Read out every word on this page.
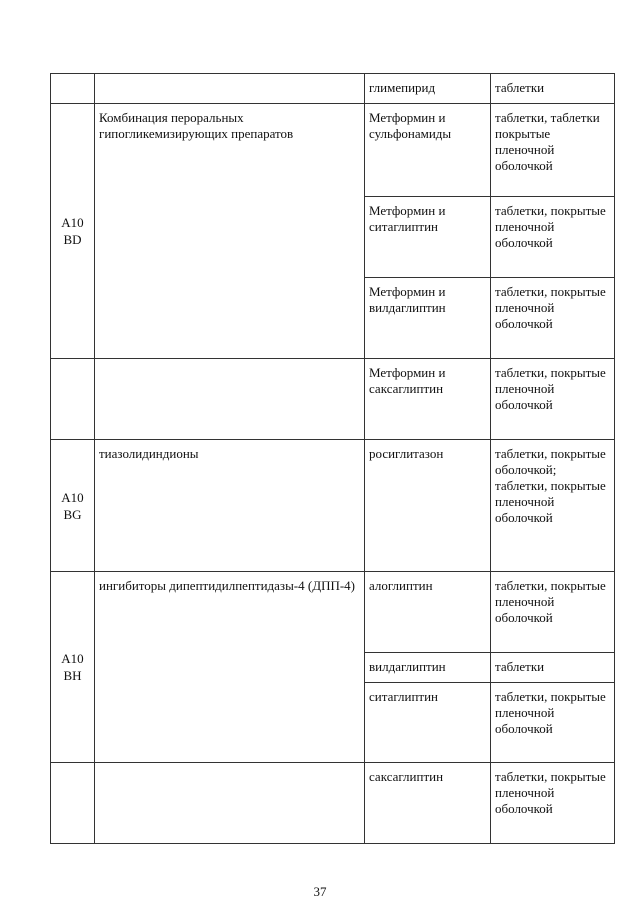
		глимепирид	таблетки

A10
BD	Комбинация пероральных гипогликемизирующих препаратов	Метформин и сульфонамиды	таблетки, таблетки покрытые пленочной оболочкой
		Метформин и ситаглиптин	таблетки, покрытые пленочной оболочкой
		Метформин и вилдаглиптин	таблетки, покрытые пленочной оболочкой
		Метформин и саксаглиптин	таблетки, покрытые пленочной оболочкой

A10
BG	тиазолидиндионы	росиглитазон	таблетки, покрытые оболочкой; таблетки, покрытые пленочной оболочкой

A10
BH	ингибиторы дипептидилпептидазы-4 (ДПП-4)	алоглиптин	таблетки, покрытые пленочной оболочкой
		вилдаглиптин	таблетки
		ситаглиптин	таблетки, покрытые пленочной оболочкой
		саксаглиптин	таблетки, покрытые пленочной оболочкой
37
